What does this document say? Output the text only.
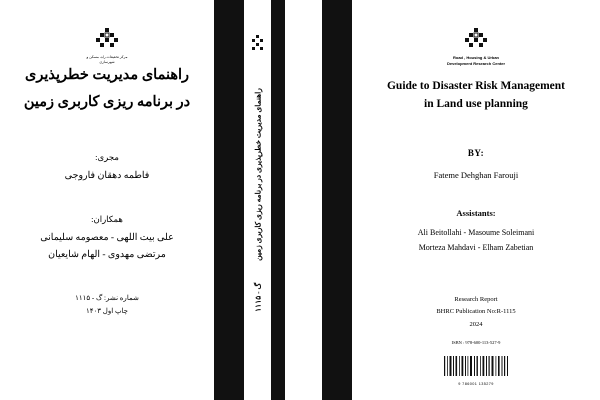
مرکز تحقیقات راه، مسکن و شهرسازی
راهنمای مدیریت خطرپذیری
در برنامه ریزی کاربری زمین
مجری:
فاطمه دهقان فاروجی
همکاران:
علی بیت اللهی - معصومه سلیمانی
مرتضی مهدوی - الهام شایعیان
شماره نشر: گ - ۱۱۱۵
چاپ اول ۱۴۰۳
راهنمای مدیریت خطرپذیری در برنامه ریزی کاربری زمین گ - ۱۱۱۵
Road , Housing & Urban
Development Research Center
Guide to Disaster Risk Management
in Land use planning
BY:
Fateme Dehghan Farouji
Assistants:
Ali Beitollahi - Masoume Soleimani
Morteza Mahdavi - Elham Zabetian
Research Report
BHRC Publication No:R-1115
2024
ISBN : 978-600-113-527-9
9 786001 135279
